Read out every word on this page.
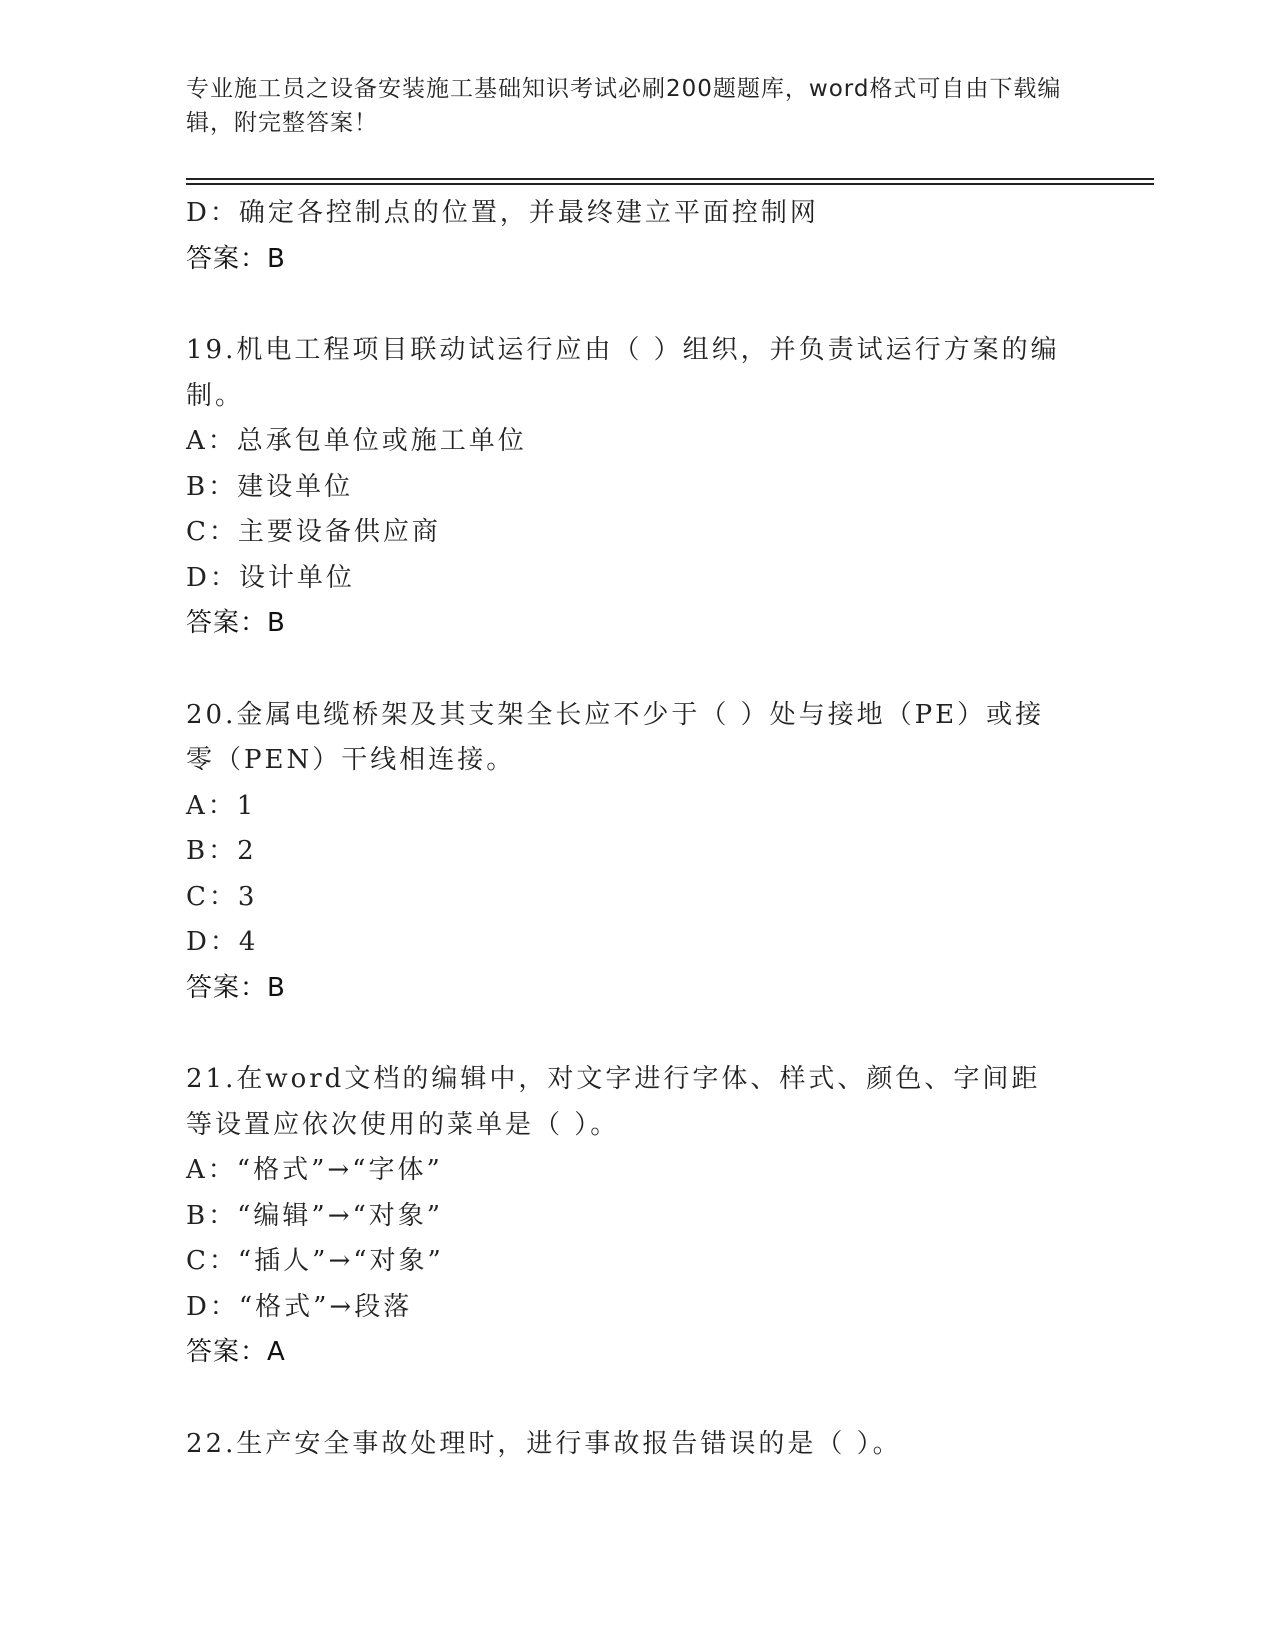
专业施工员之设备安装施工基础知识考试必刷200题题库，word格式可自由下载编辑，附完整答案！
D：确定各控制点的位置，并最终建立平面控制网
答案：B
19.机电工程项目联动试运行应由（ ）组织，并负责试运行方案的编制。
A：总承包单位或施工单位
B：建设单位
C：主要设备供应商
D：设计单位
答案：B
20.金属电缆桥架及其支架全长应不少于（ ）处与接地（PE）或接零（PEN）干线相连接。
A：1
B：2
C：3
D：4
答案：B
21.在word文档的编辑中，对文字进行字体、样式、颜色、字间距等设置应依次使用的菜单是（ ）。
A：“格式”→“字体”
B：“编辑”→“对象”
C：“插人”→“对象”
D：“格式”→段落
答案：A
22.生产安全事故处理时，进行事故报告错误的是（ ）。
